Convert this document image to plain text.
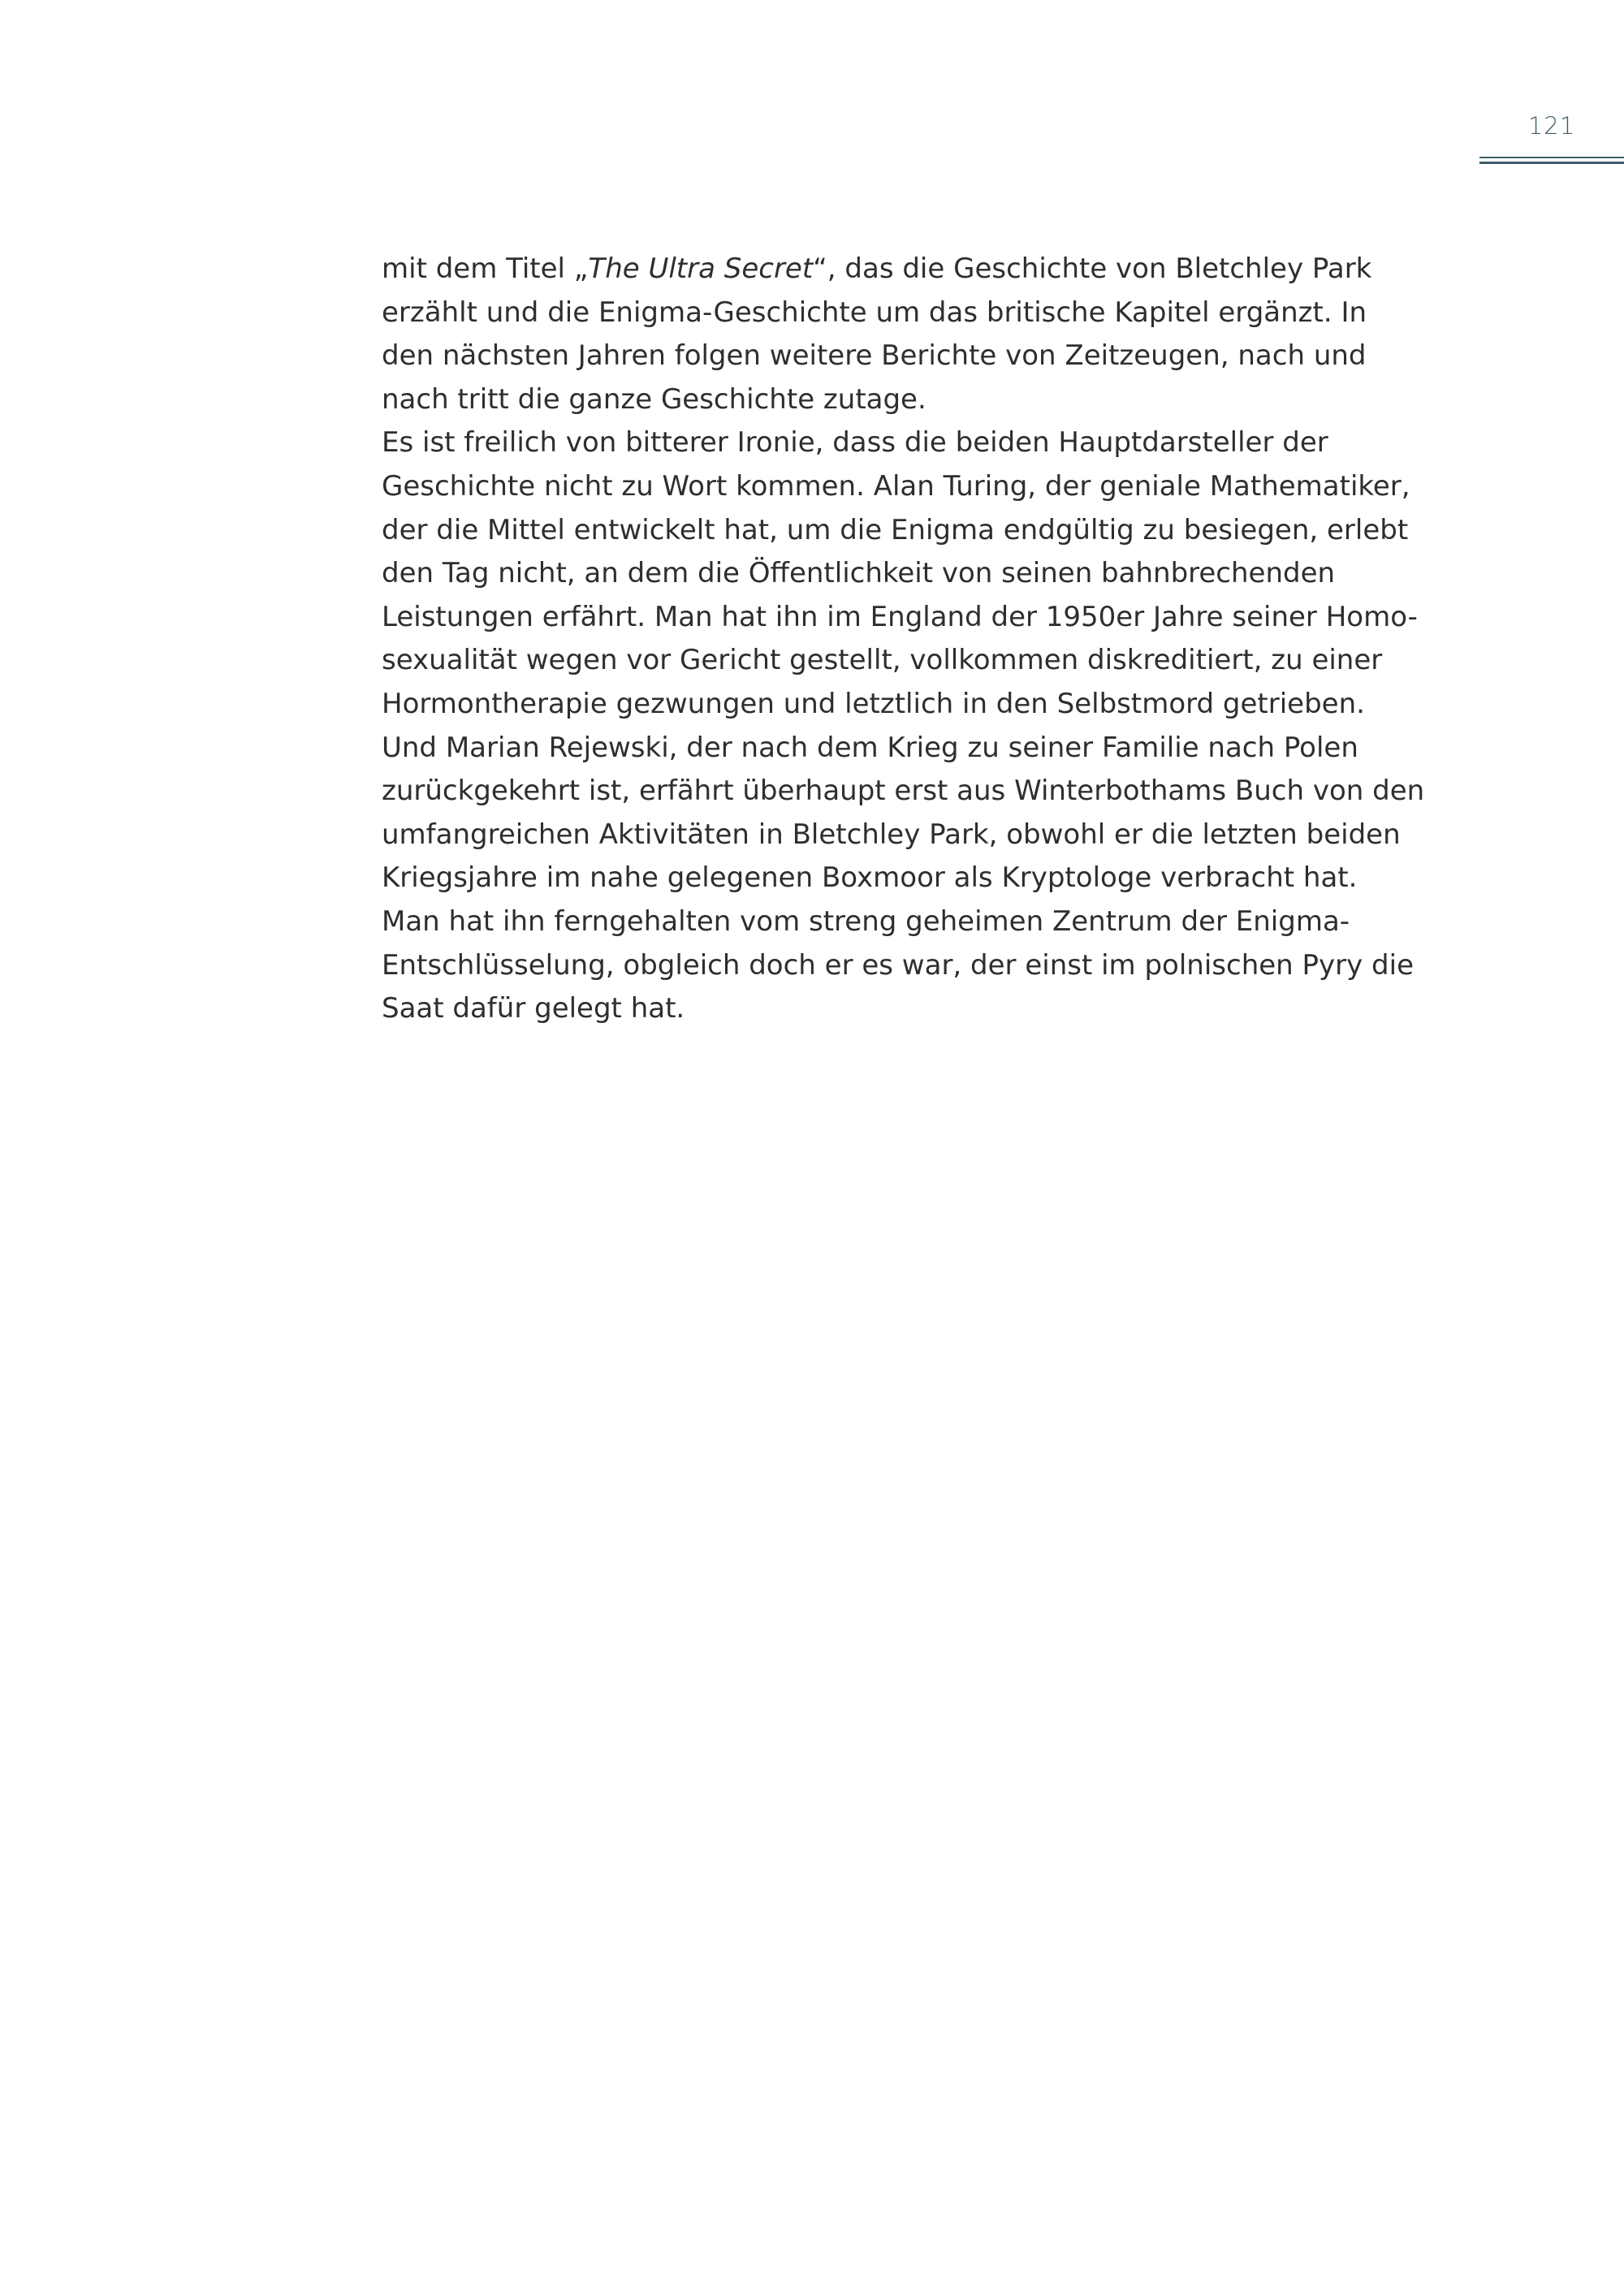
121
mit dem Titel „The Ultra Secret“, das die Geschichte von Bletchley Park
erzählt und die Enigma-Geschichte um das britische Kapitel ergänzt. In
den nächsten Jahren folgen weitere Berichte von Zeitzeugen, nach und
nach tritt die ganze Geschichte zutage.
Es ist freilich von bitterer Ironie, dass die beiden Hauptdarsteller der
Geschichte nicht zu Wort kommen. Alan Turing, der geniale Mathematiker,
der die Mittel entwickelt hat, um die Enigma endgültig zu besiegen, erlebt
den Tag nicht, an dem die Öffentlichkeit von seinen bahnbrechenden
Leistungen erfährt. Man hat ihn im England der 1950er Jahre seiner Homo-
sexualität wegen vor Gericht gestellt, vollkommen diskreditiert, zu einer
Hormontherapie gezwungen und letztlich in den Selbstmord getrieben.
Und Marian Rejewski, der nach dem Krieg zu seiner Familie nach Polen
zurückgekehrt ist, erfährt überhaupt erst aus Winterbothams Buch von den
umfangreichen Aktivitäten in Bletchley Park, obwohl er die letzten beiden
Kriegsjahre im nahe gelegenen Boxmoor als Kryptologe verbracht hat.
Man hat ihn ferngehalten vom streng geheimen Zentrum der Enigma-
Entschlüsselung, obgleich doch er es war, der einst im polnischen Pyry die
Saat dafür gelegt hat.
